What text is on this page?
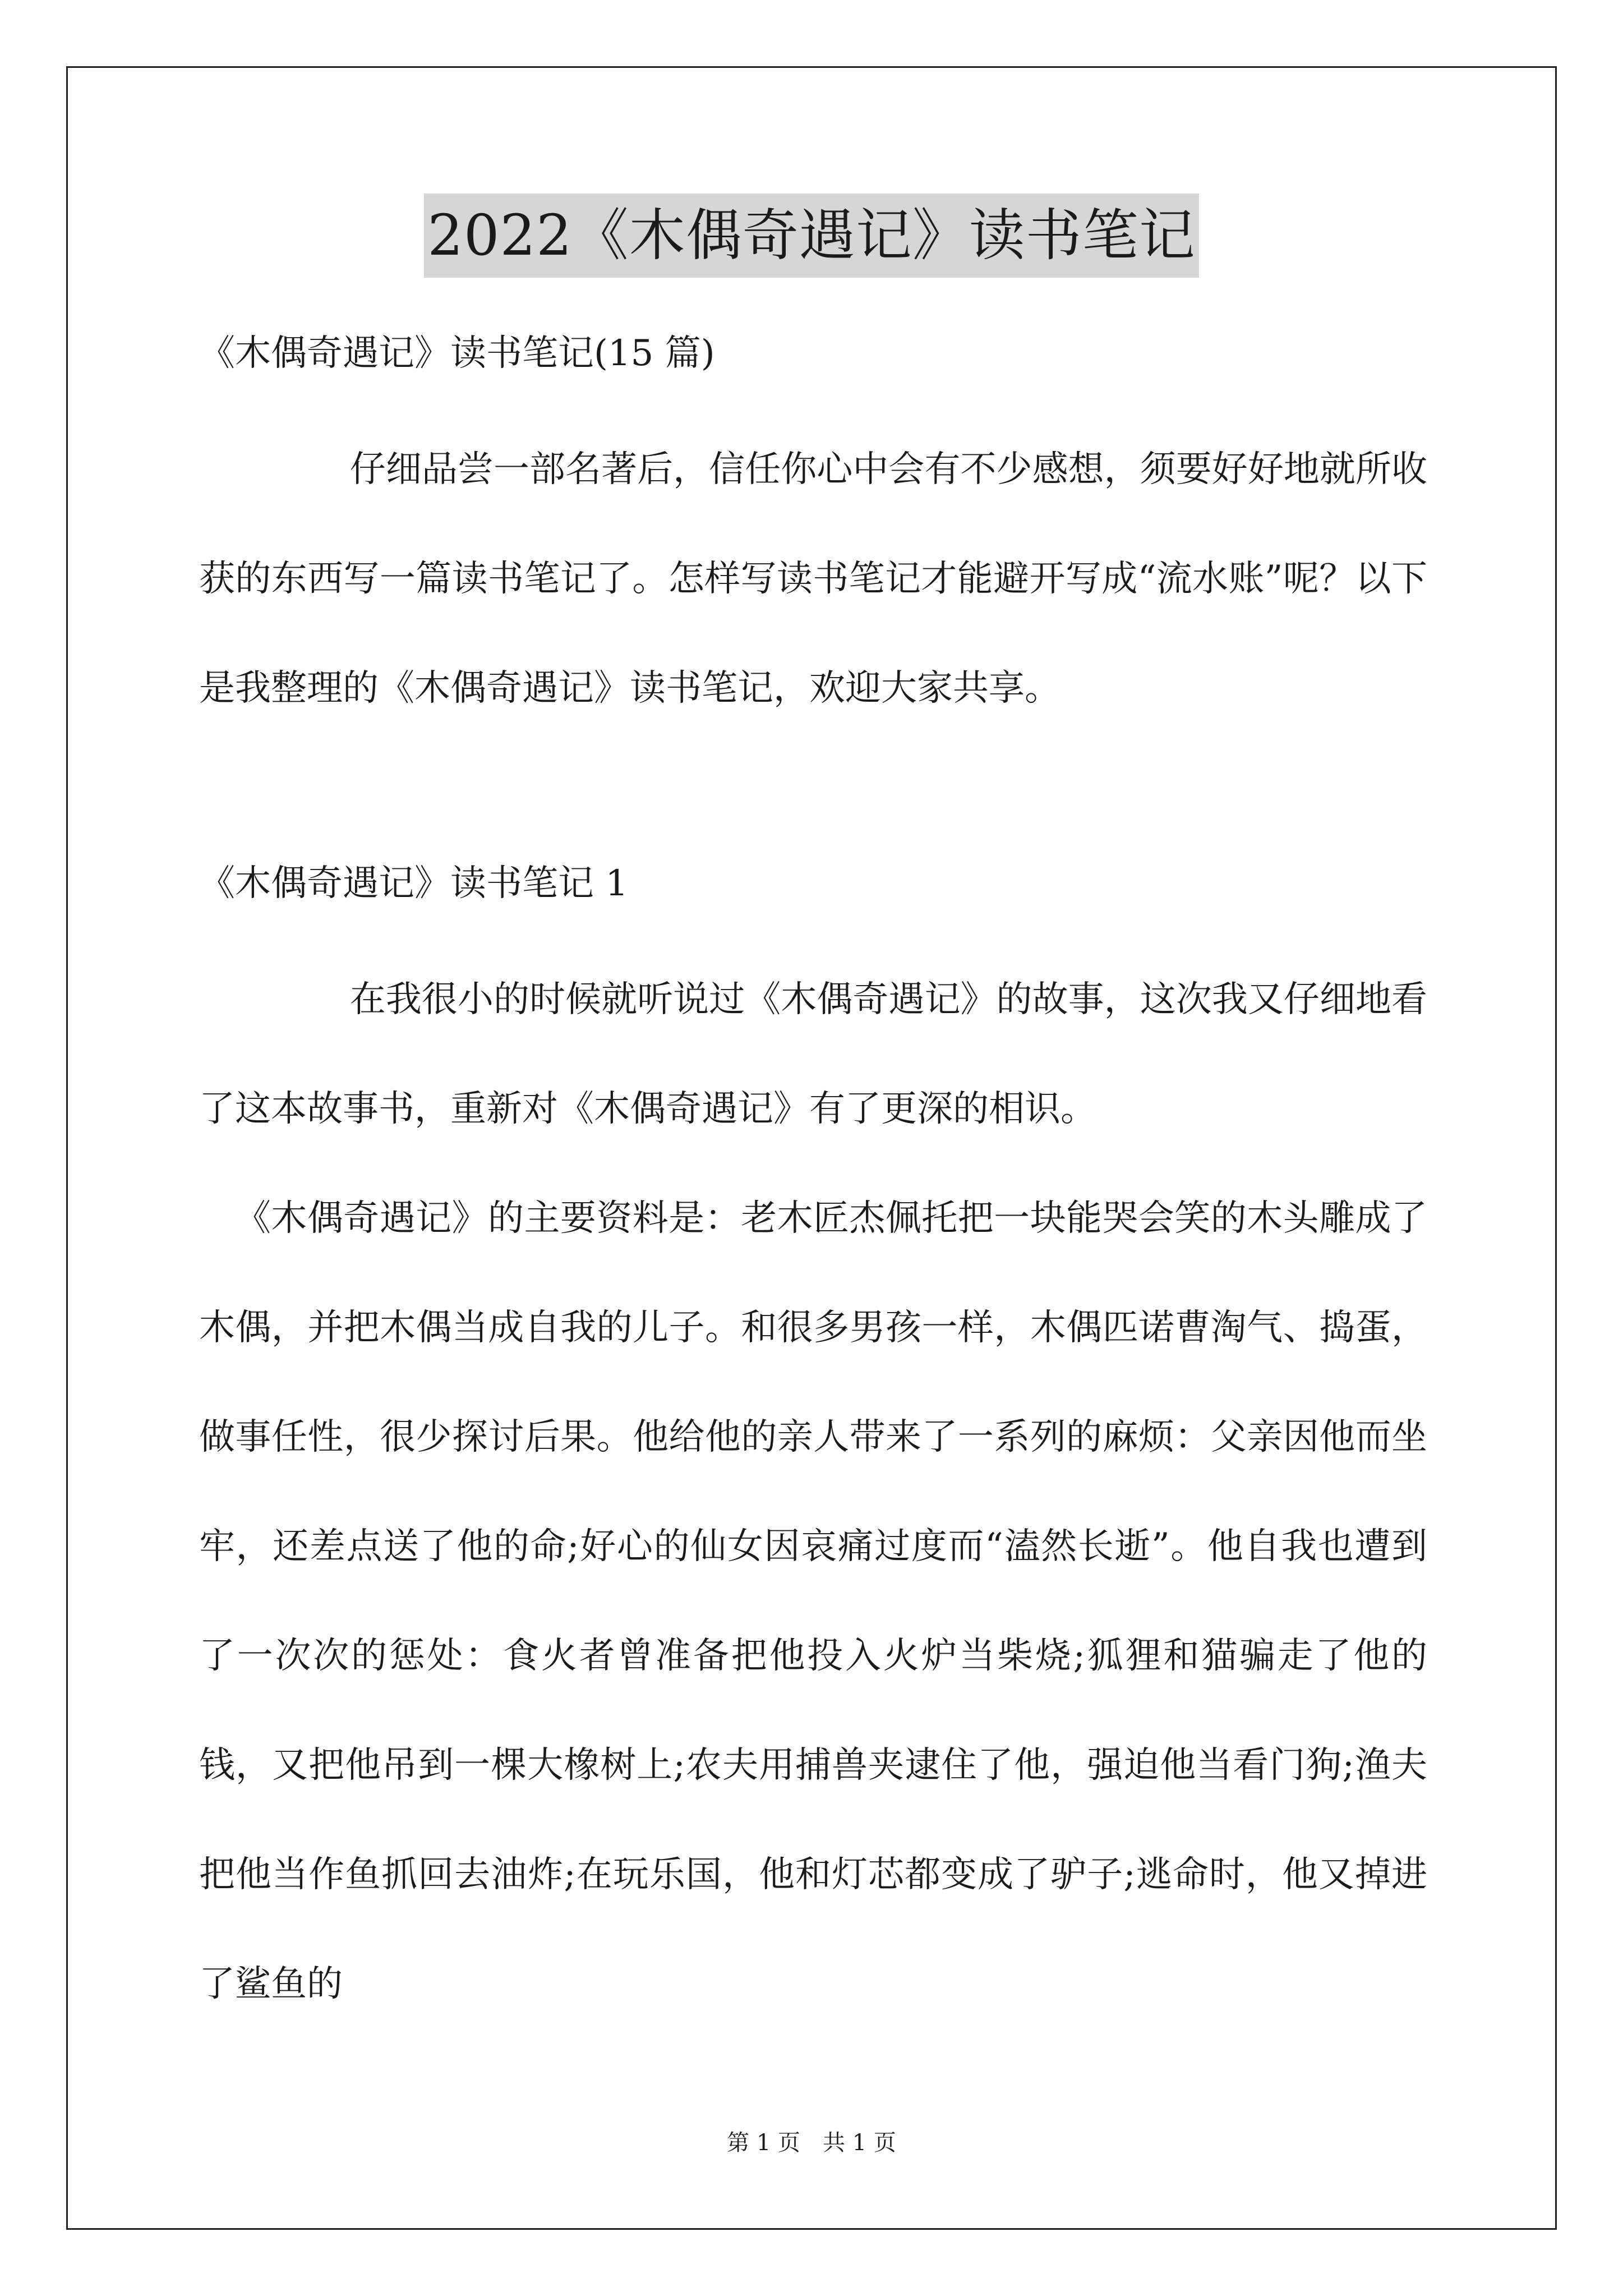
2022《木偶奇遇记》读书笔记
《木偶奇遇记》读书笔记(15 篇)

仔细品尝一部名著后，信任你心中会有不少感想，须要好好地就所收获的东西写一篇读书笔记了。怎样写读书笔记才能避开写成“流水账”呢？以下是我整理的《木偶奇遇记》读书笔记，欢迎大家共享。

《木偶奇遇记》读书笔记 1

在我很小的时候就听说过《木偶奇遇记》的故事，这次我又仔细地看了这本故事书，重新对《木偶奇遇记》有了更深的相识。

《木偶奇遇记》的主要资料是：老木匠杰佩托把一块能哭会笑的木头雕成了木偶，并把木偶当成自我的儿子。和很多男孩一样，木偶匹诺曹淘气、捣蛋，做事任性，很少探讨后果。他给他的亲人带来了一系列的麻烦：父亲因他而坐牢，还差点送了他的命;好心的仙女因哀痛过度而“溘然长逝”。他自我也遭到了一次次的惩处：食火者曾准备把他投入火炉当柴烧;狐狸和猫骗走了他的钱，又把他吊到一棵大橡树上;农夫用捕兽夹逮住了他，强迫他当看门狗;渔夫把他当作鱼抓回去油炸;在玩乐国，他和灯芯都变成了驴子;逃命时，他又掉进了鲨鱼的

第 1 页 共 1 页
